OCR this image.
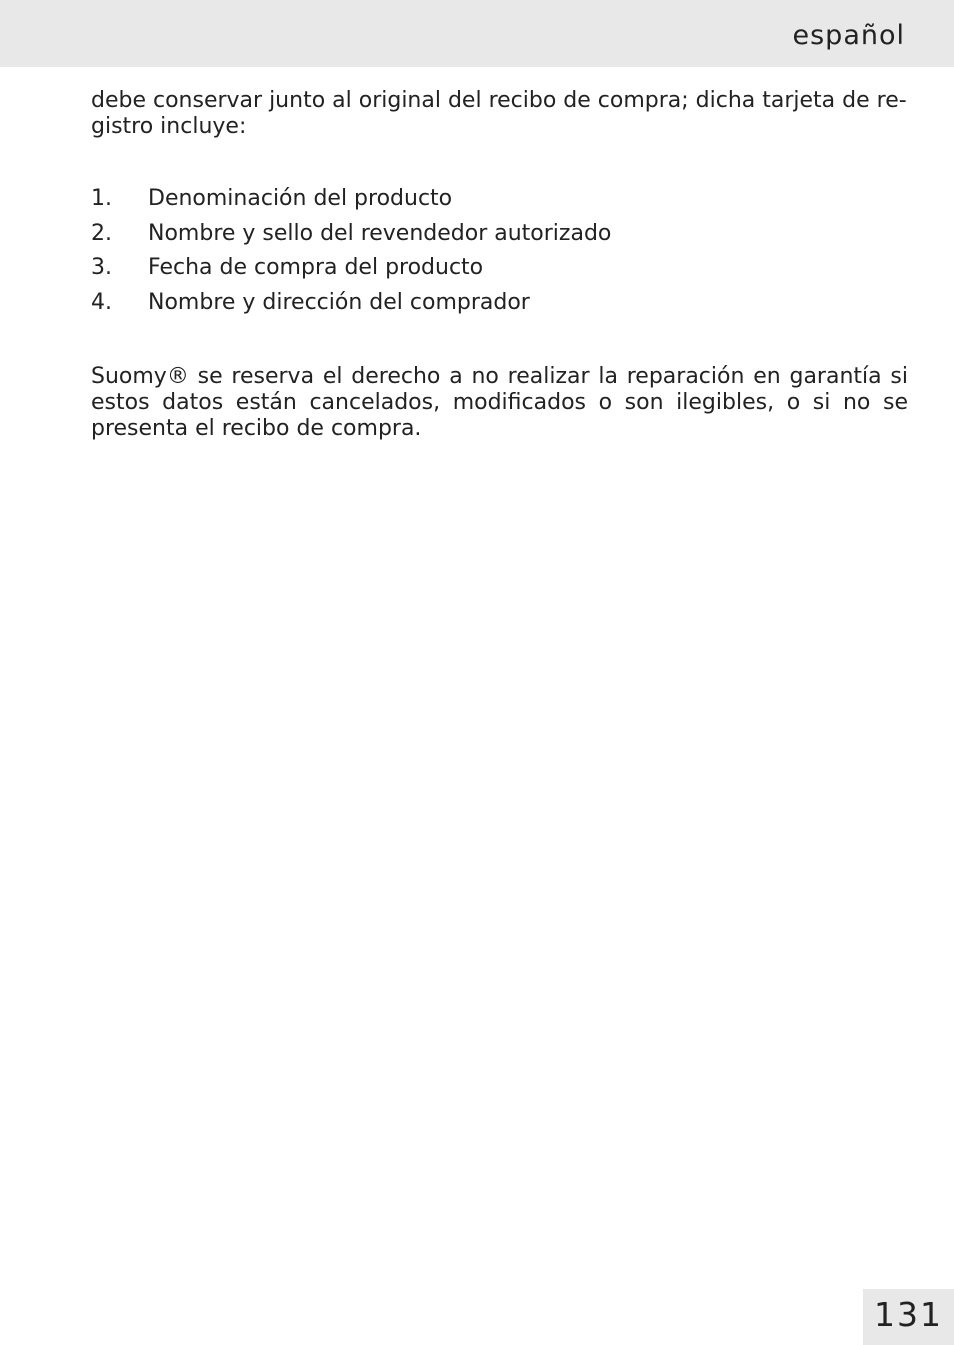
español

debe conservar junto al original del recibo de compra; dicha tarjeta de re-
gistro incluye:

1.	Denominación del producto
2.	Nombre y sello del revendedor autorizado
3.	Fecha de compra del producto
4.	Nombre y dirección del comprador

Suomy® se reserva el derecho a no realizar la reparación en garantía si estos datos están cancelados, modificados o son ilegibles, o si no se presenta el recibo de compra.

131
